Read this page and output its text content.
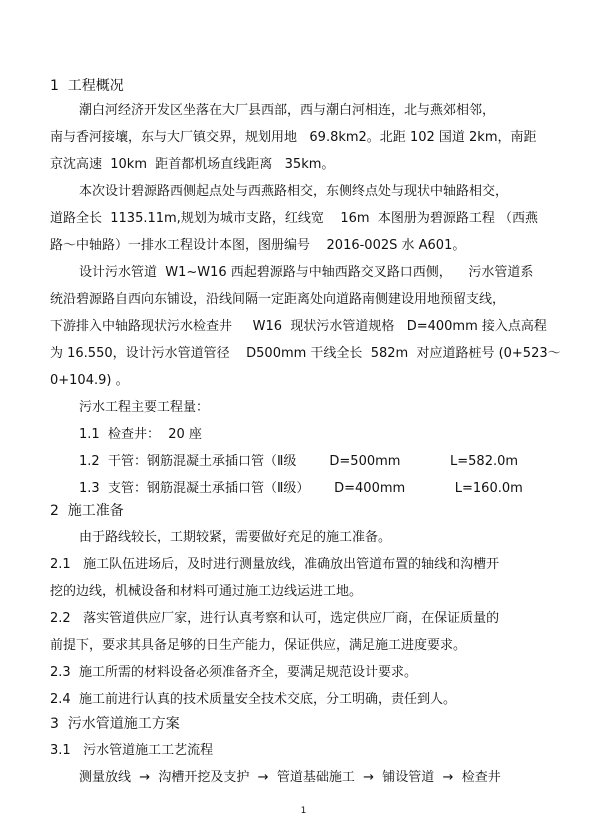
1  工程概况
潮白河经济开发区坐落在大厂县西部，西与潮白河相连，北与燕郊相邻，
南与香河接壤，东与大厂镇交界，规划用地   69.8km2。北距 102 国道 2km，南距
京沈高速  10km  距首都机场直线距离   35km。
本次设计碧源路西侧起点处与西燕路相交，东侧终点处与现状中轴路相交，
道路全长  1135.11m,规划为城市支路，红线宽    16m  本图册为碧源路工程 （西燕
路～中轴路）一排水工程设计本图，图册编号    2016-002S 水 A601。
设计污水管道  W1~W16 西起碧源路与中轴西路交叉路口西侧，    污水管道系
统沿碧源路自西向东铺设，沿线间隔一定距离处向道路南侧建设用地预留支线，
下游排入中轴路现状污水检查井     W16  现状污水管道规格   D=400mm 接入点高程
为 16.550，设计污水管道管径    D500mm 干线全长  582m  对应道路桩号 (0+523～
0+104.9) 。
污水工程主要工程量：
1.1  检查井：  20 座
1.2  干管：钢筋混凝土承插口管（Ⅱ级        D=500mm            L=582.0m
1.3  支管：钢筋混凝土承插口管（Ⅱ级）      D=400mm            L=160.0m
2  施工准备
由于路线较长，工期较紧，需要做好充足的施工准备。
2.1   施工队伍进场后，及时进行测量放线，准确放出管道布置的轴线和沟槽开
挖的边线，机械设备和材料可通过施工边线运进工地。
2.2   落实管道供应厂家，进行认真考察和认可，选定供应厂商，在保证质量的
前提下，要求其具备足够的日生产能力，保证供应，满足施工进度要求。
2.3  施工所需的材料设备必须准备齐全，要满足规范设计要求。
2.4  施工前进行认真的技术质量安全技术交底，分工明确，责任到人。
3  污水管道施工方案
3.1   污水管道施工工艺流程
测量放线  →  沟槽开挖及支护  →  管道基础施工  →  铺设管道  →  检查井
1
